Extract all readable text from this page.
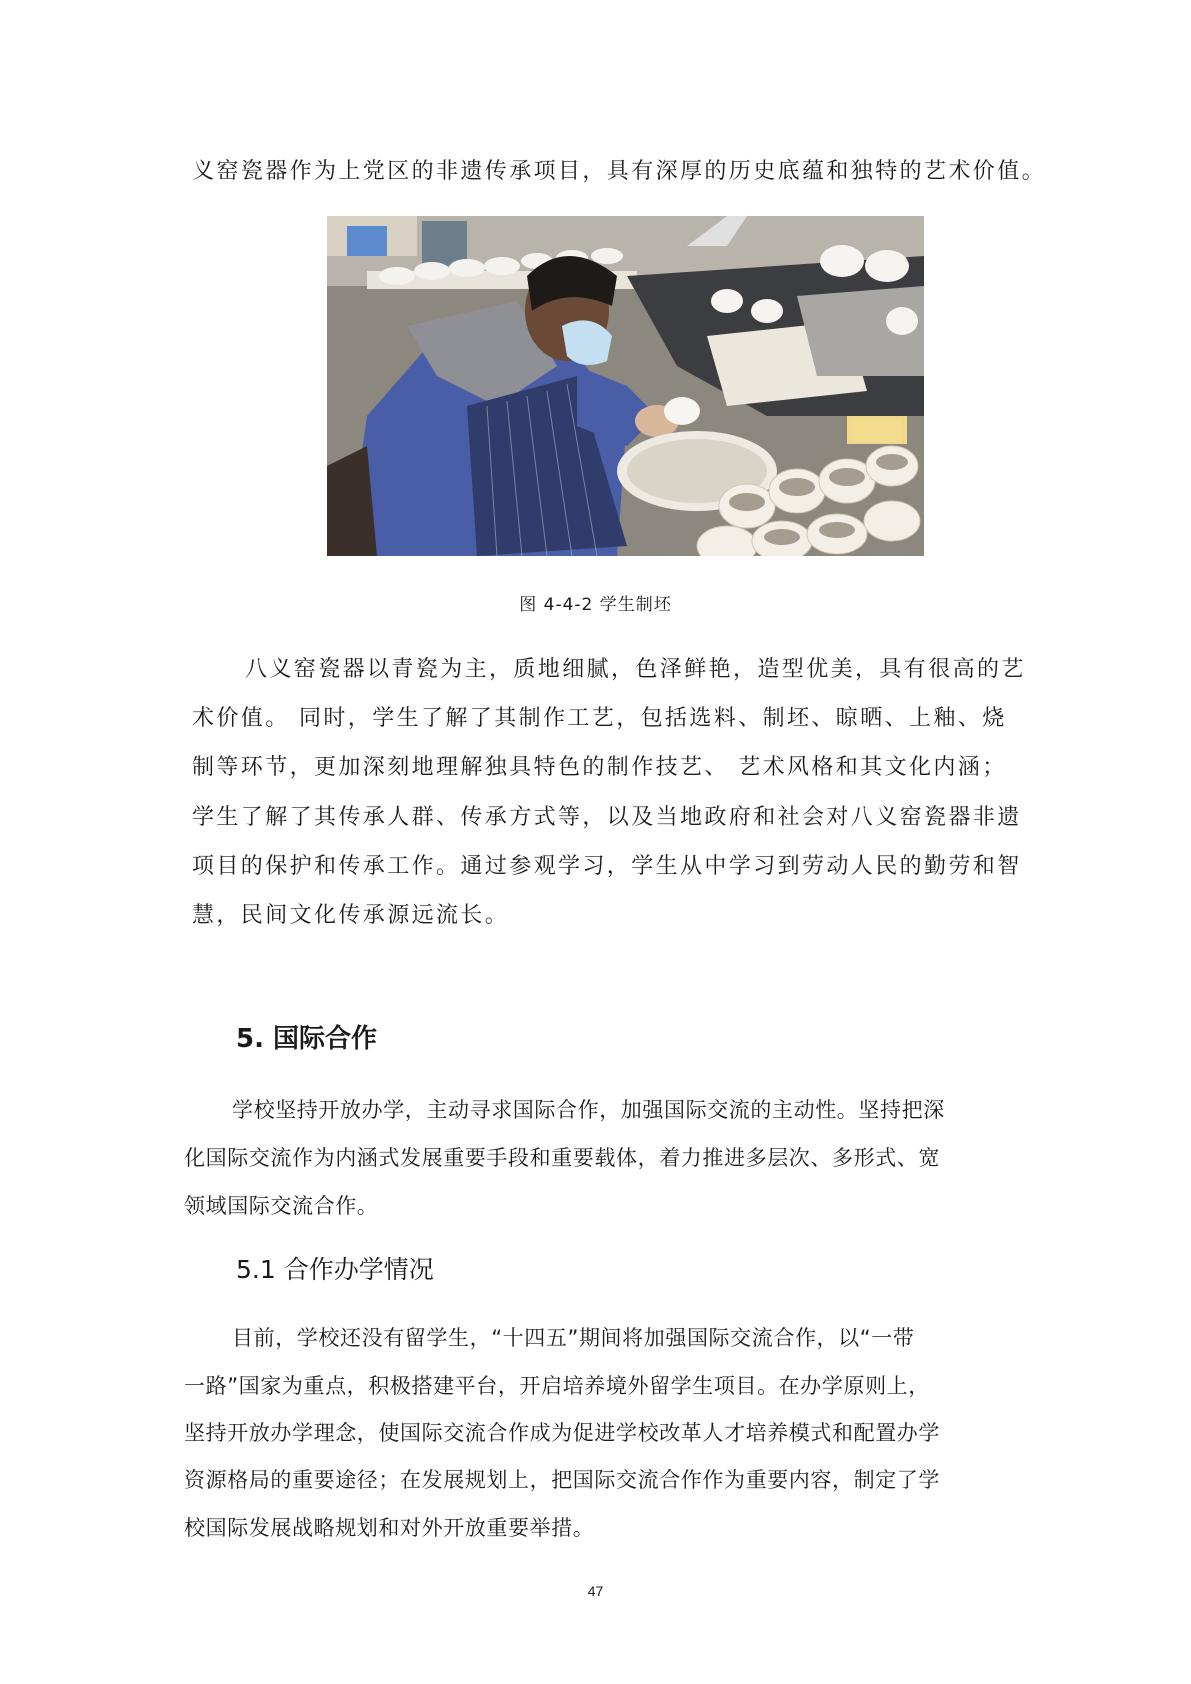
义窑瓷器作为上党区的非遗传承项目，具有深厚的历史底蕴和独特的艺术价值。
图 4-4-2 学生制坯
八义窑瓷器以青瓷为主，质地细腻，色泽鲜艳，造型优美，具有很高的艺
术价值。 同时，学生了解了其制作工艺，包括选料、制坯、晾晒、上釉、烧
制等环节，更加深刻地理解独具特色的制作技艺、 艺术风格和其文化内涵；
学生了解了其传承人群、传承方式等，以及当地政府和社会对八义窑瓷器非遗
项目的保护和传承工作。通过参观学习，学生从中学习到劳动人民的勤劳和智
慧，民间文化传承源远流长。
5. 国际合作
学校坚持开放办学，主动寻求国际合作，加强国际交流的主动性。坚持把深
化国际交流作为内涵式发展重要手段和重要载体，着力推进多层次、多形式、宽
领域国际交流合作。
5.1 合作办学情况
目前，学校还没有留学生，“十四五”期间将加强国际交流合作，以“一带
一路”国家为重点，积极搭建平台，开启培养境外留学生项目。在办学原则上，
坚持开放办学理念，使国际交流合作成为促进学校改革人才培养模式和配置办学
资源格局的重要途径；在发展规划上，把国际交流合作作为重要内容，制定了学
校国际发展战略规划和对外开放重要举措。
47
